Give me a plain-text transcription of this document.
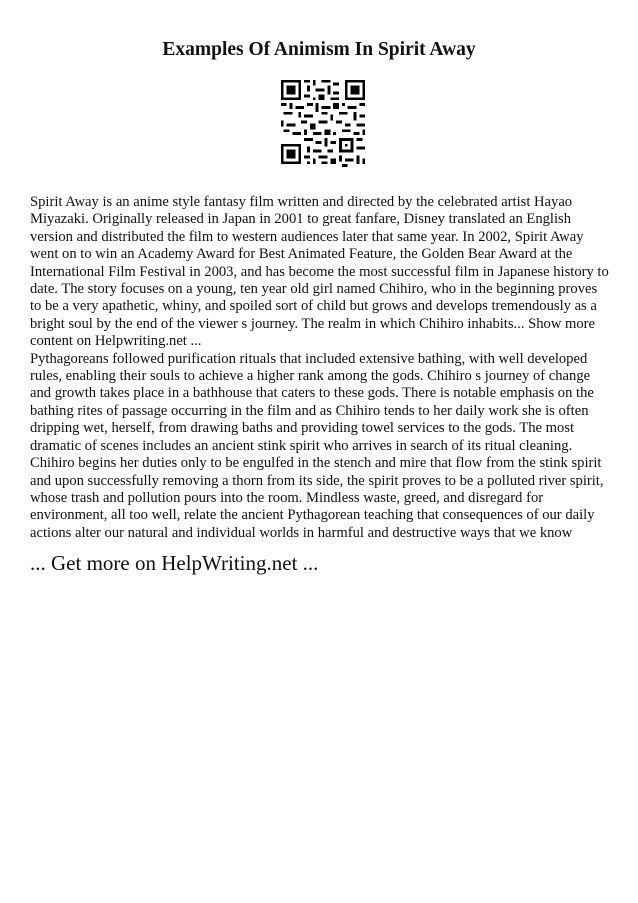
Examples Of Animism In Spirit Away

Spirit Away is an anime style fantasy film written and directed by the celebrated artist Hayao Miyazaki. Originally released in Japan in 2001 to great fanfare, Disney translated an English version and distributed the film to western audiences later that same year. In 2002, Spirit Away went on to win an Academy Award for Best Animated Feature, the Golden Bear Award at the International Film Festival in 2003, and has become the most successful film in Japanese history to date. The story focuses on a young, ten year old girl named Chihiro, who in the beginning proves to be a very apathetic, whiny, and spoiled sort of child but grows and develops tremendously as a bright soul by the end of the viewer s journey. The realm in which Chihiro inhabits... Show more content on Helpwriting.net ...

Pythagoreans followed purification rituals that included extensive bathing, with well developed rules, enabling their souls to achieve a higher rank among the gods. Chihiro s journey of change and growth takes place in a bathhouse that caters to these gods. There is notable emphasis on the bathing rites of passage occurring in the film and as Chihiro tends to her daily work she is often dripping wet, herself, from drawing baths and providing towel services to the gods. The most dramatic of scenes includes an ancient stink spirit who arrives in search of its ritual cleaning. Chihiro begins her duties only to be engulfed in the stench and mire that flow from the stink spirit and upon successfully removing a thorn from its side, the spirit proves to be a polluted river spirit, whose trash and pollution pours into the room. Mindless waste, greed, and disregard for environment, all too well, relate the ancient Pythagorean teaching that consequences of our daily actions alter our natural and individual worlds in harmful and destructive ways that we know

... Get more on HelpWriting.net ...
